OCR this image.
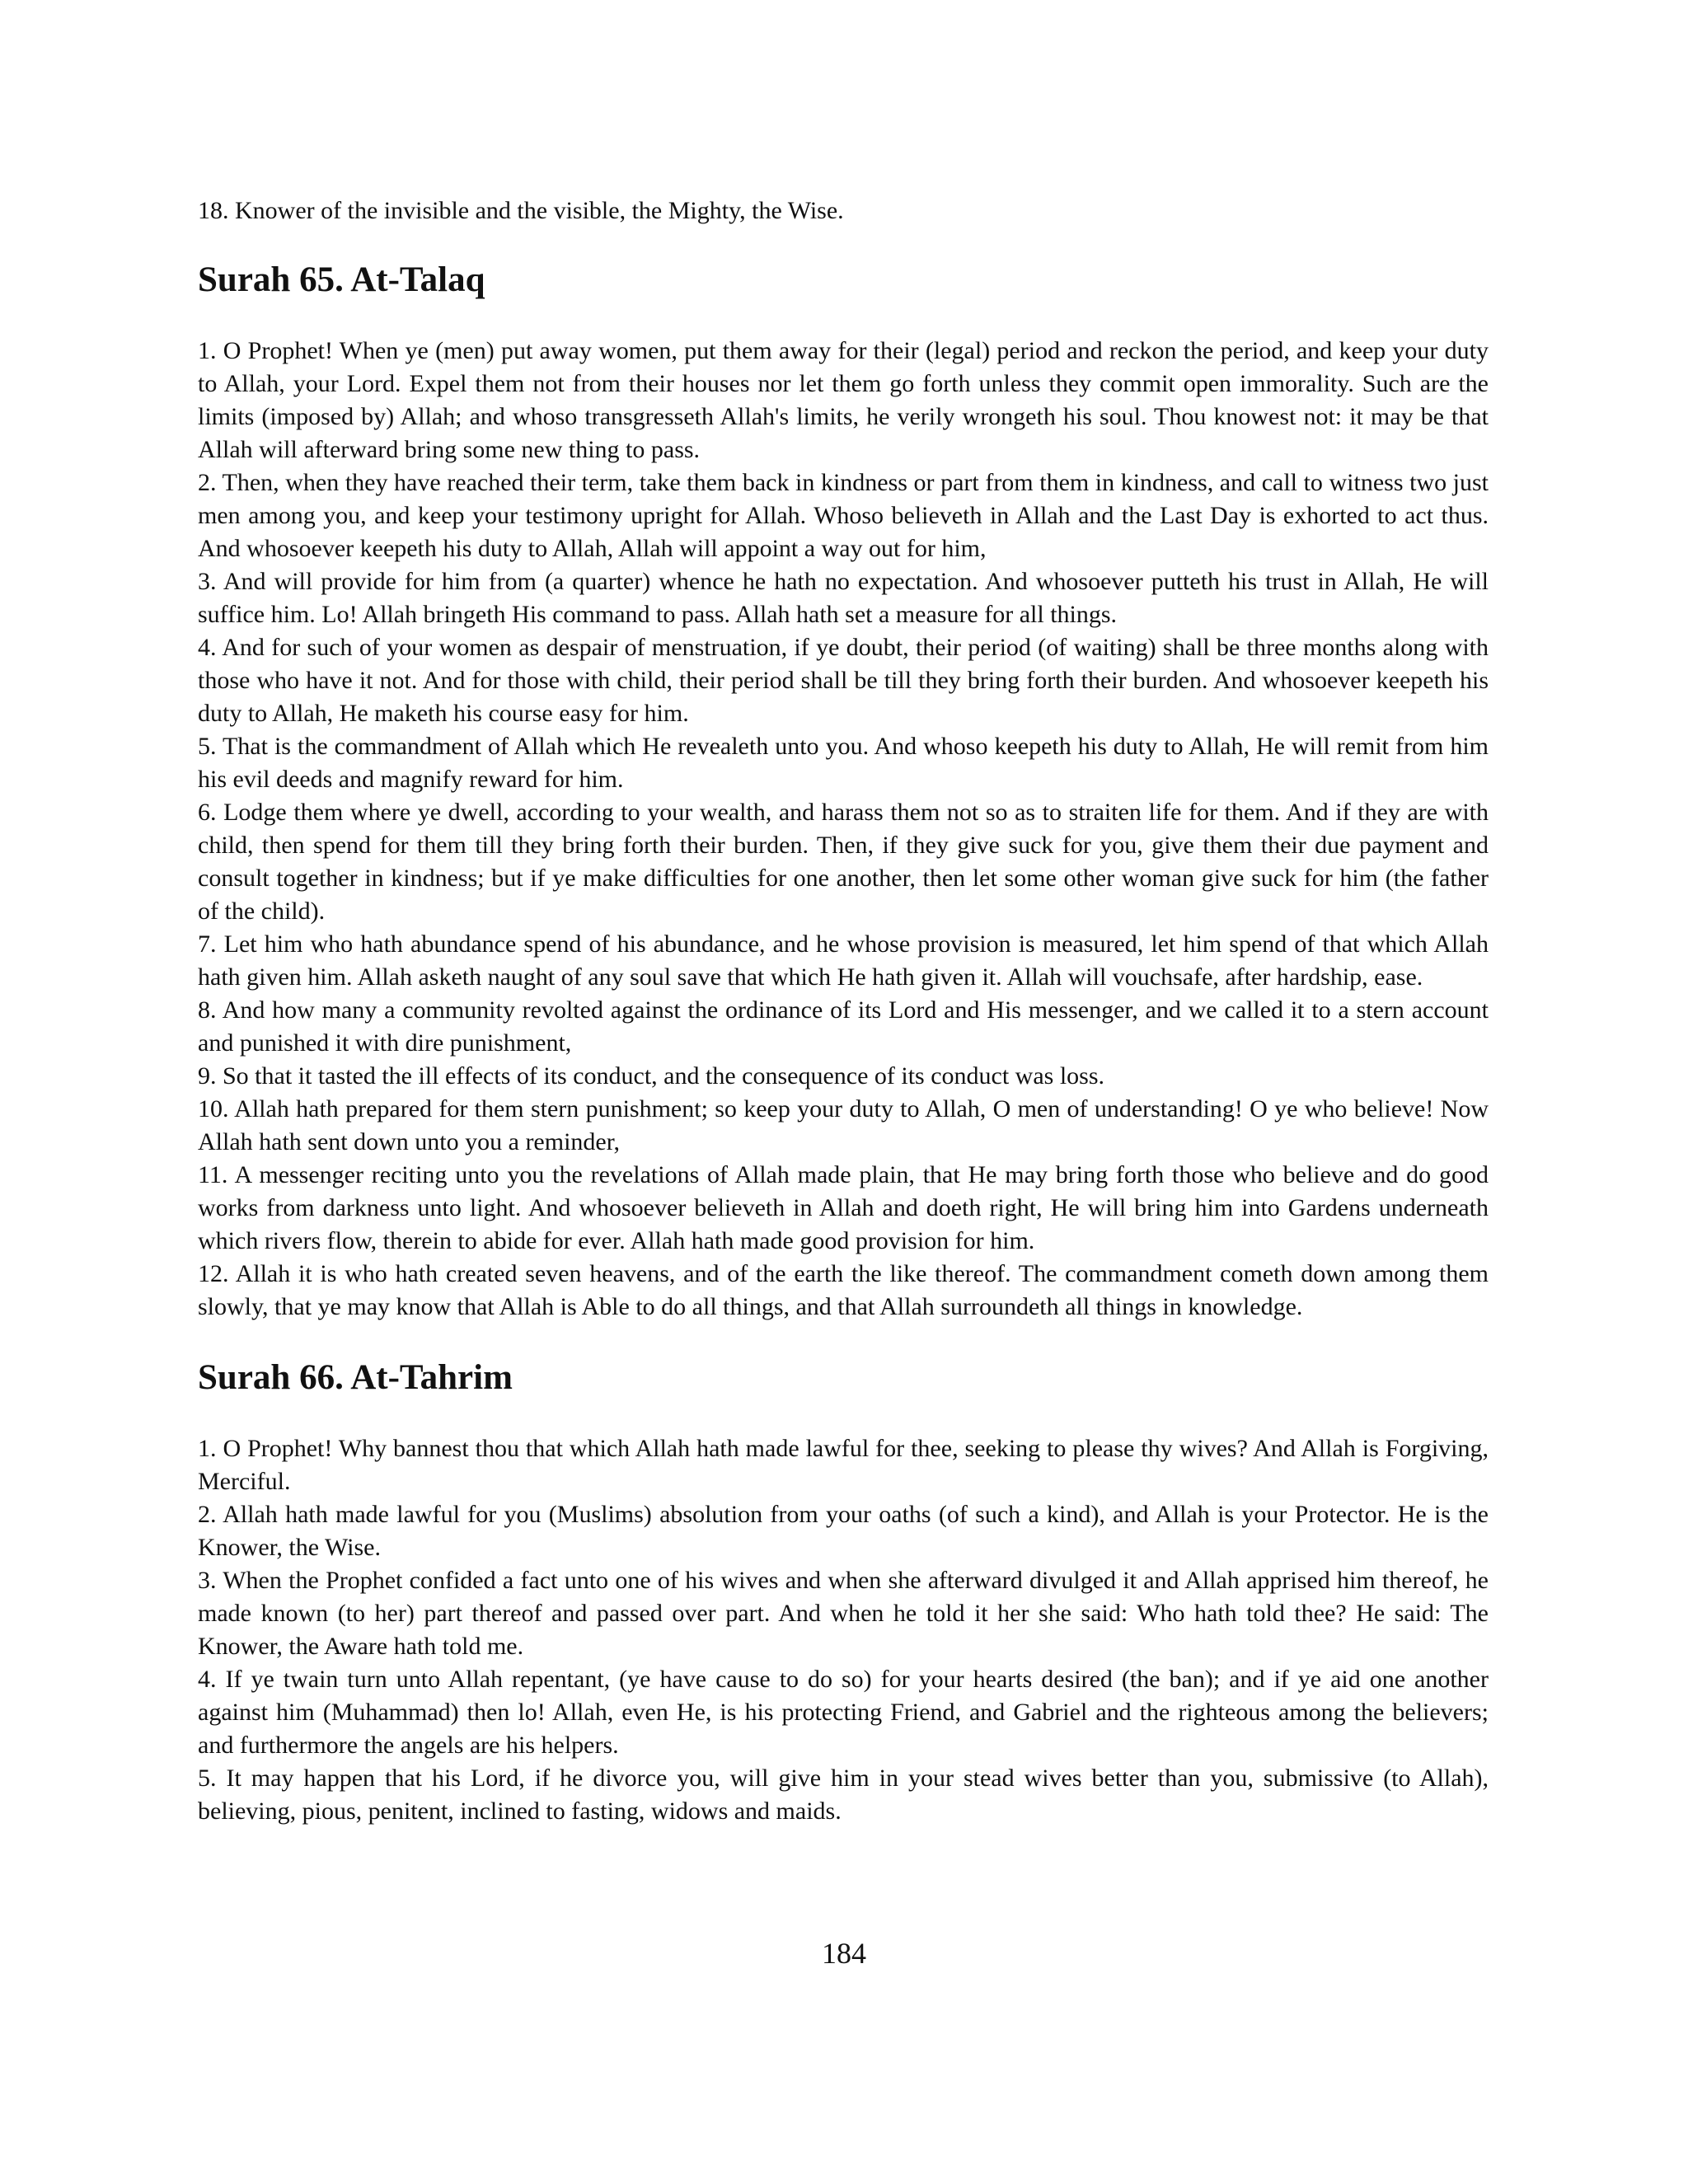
18. Knower of the invisible and the visible, the Mighty, the Wise.

Surah 65. At-Talaq

1. O Prophet! When ye (men) put away women, put them away for their (legal) period and reckon the period, and keep your duty to Allah, your Lord. Expel them not from their houses nor let them go forth unless they commit open immorality. Such are the limits (imposed by) Allah; and whoso transgresseth Allah's limits, he verily wrongeth his soul. Thou knowest not: it may be that Allah will afterward bring some new thing to pass.

2. Then, when they have reached their term, take them back in kindness or part from them in kindness, and call to witness two just men among you, and keep your testimony upright for Allah. Whoso believeth in Allah and the Last Day is exhorted to act thus. And whosoever keepeth his duty to Allah, Allah will appoint a way out for him,

3. And will provide for him from (a quarter) whence he hath no expectation. And whosoever putteth his trust in Allah, He will suffice him. Lo! Allah bringeth His command to pass. Allah hath set a measure for all things.

4. And for such of your women as despair of menstruation, if ye doubt, their period (of waiting) shall be three months along with those who have it not. And for those with child, their period shall be till they bring forth their burden. And whosoever keepeth his duty to Allah, He maketh his course easy for him.

5. That is the commandment of Allah which He revealeth unto you. And whoso keepeth his duty to Allah, He will remit from him his evil deeds and magnify reward for him.

6. Lodge them where ye dwell, according to your wealth, and harass them not so as to straiten life for them. And if they are with child, then spend for them till they bring forth their burden. Then, if they give suck for you, give them their due payment and consult together in kindness; but if ye make difficulties for one another, then let some other woman give suck for him (the father of the child).

7. Let him who hath abundance spend of his abundance, and he whose provision is measured, let him spend of that which Allah hath given him. Allah asketh naught of any soul save that which He hath given it. Allah will vouchsafe, after hardship, ease.

8. And how many a community revolted against the ordinance of its Lord and His messenger, and we called it to a stern account and punished it with dire punishment,

9. So that it tasted the ill effects of its conduct, and the consequence of its conduct was loss.

10. Allah hath prepared for them stern punishment; so keep your duty to Allah, O men of understanding! O ye who believe! Now Allah hath sent down unto you a reminder,

11. A messenger reciting unto you the revelations of Allah made plain, that He may bring forth those who believe and do good works from darkness unto light. And whosoever believeth in Allah and doeth right, He will bring him into Gardens underneath which rivers flow, therein to abide for ever. Allah hath made good provision for him.

12. Allah it is who hath created seven heavens, and of the earth the like thereof. The commandment cometh down among them slowly, that ye may know that Allah is Able to do all things, and that Allah surroundeth all things in knowledge.

Surah 66. At-Tahrim

1. O Prophet! Why bannest thou that which Allah hath made lawful for thee, seeking to please thy wives? And Allah is Forgiving, Merciful.

2. Allah hath made lawful for you (Muslims) absolution from your oaths (of such a kind), and Allah is your Protector. He is the Knower, the Wise.

3. When the Prophet confided a fact unto one of his wives and when she afterward divulged it and Allah apprised him thereof, he made known (to her) part thereof and passed over part. And when he told it her she said: Who hath told thee? He said: The Knower, the Aware hath told me.

4. If ye twain turn unto Allah repentant, (ye have cause to do so) for your hearts desired (the ban); and if ye aid one another against him (Muhammad) then lo! Allah, even He, is his protecting Friend, and Gabriel and the righteous among the believers; and furthermore the angels are his helpers.

5. It may happen that his Lord, if he divorce you, will give him in your stead wives better than you, submissive (to Allah), believing, pious, penitent, inclined to fasting, widows and maids.

184
